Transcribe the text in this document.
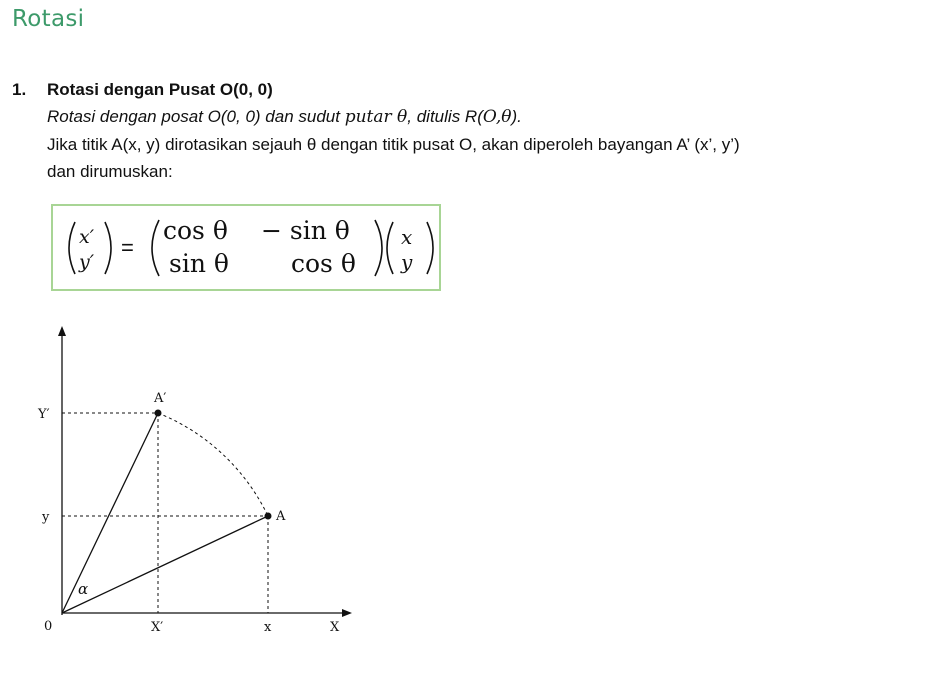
Rotasi
1. Rotasi dengan Pusat O(0, 0)
Rotasi dengan posat O(0, 0) dan sudut putar θ, ditulis R(O,θ).
Jika titik A(x, y) dirotasikan sejauh θ dengan titik pusat O, akan diperoleh bayangan A’ (x’, y’)
dan dirumuskan:
x′
y′
=
cos θ − sin θ
sin θ cos θ
x
y
Y′
y
0	X′	x	X
A
A′
α
